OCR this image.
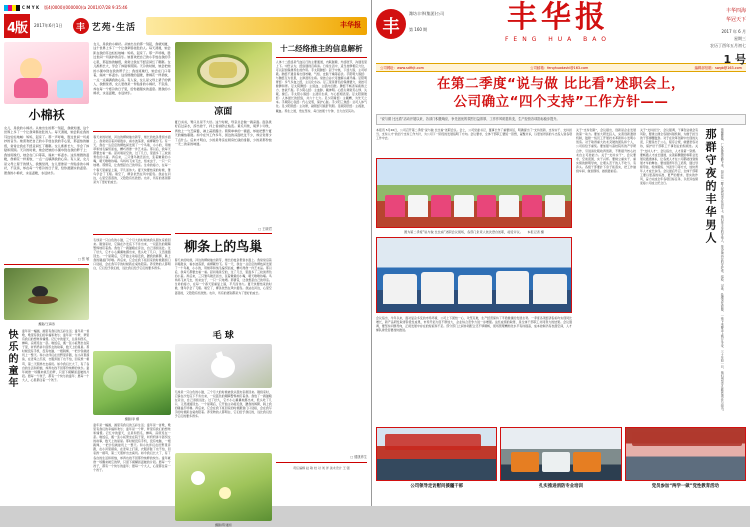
C M Y K 版4(0000)(000000)(a 2001/07/28 9:35:46
4版	2017年6月1日	丰 艺苑·生活	丰华报
小棉袄
女儿，是我的小棉袄。从她出生的那一刻起，我就知道，这个世界上多了一个让我牵肠挂肚的人。每天清晨，她会趴在我的耳边轻轻地喊：妈妈，起床了。那一声呼唤，胜过世间一切美妙的音乐。她喜欢把自己的小手放在我的手心里，那温热的触感，常常让我在不经意间红了眼眶。女儿渐渐长大，学会了体贴和照顾。天冷的时候，她会把她的小围巾绕在我的脖子上；我加班晚归，她会在门口等着，端来一杯温水。这些细微的温暖，像棉花一样柔软，一点一点填满我的心房。有人说，女儿是父母上辈子的情人，我倒觉得，女儿更像是一件贴身的小棉袄，不张扬，却在每一个寒冷的日子里，给你最踏实的温度。愿我的小棉袄，永远温暖，永远快乐。
□ 张 敏
摄影/王海涛
快乐的童年	童年是一幅画，画里有我们的五彩生活；童年是一首歌，歌里有我们的幸福和欢乐；童年是一个梦，梦里有我们的想象和憧憬。记忆中的夏天，总是和西瓜、蝉鸣、凉席连在一起。晚饭后，搬一张小板凳坐在院子里，听奶奶讲牛郎织女的故事，数天上的星星。那时候没有手机，没有电脑，一根跳绳、一把沙包就能玩上一整天。和小伙伴们在田野里奔跑，在小河里摸鱼，在麦垛上打滚，衣服弄脏了也不怕，回家挨一顿骂，第二天照样出去疯玩。如今我们长大了，有了各自的生活和烦恼，却再也找不回那份纯粹的快乐。童年就像一场醒来就忘的梦，只留下模糊而温暖的片段。愿每一个孩子，都有一个快乐的童年；愿每一个大人，心里都住着一个孩子。
女儿，是我的小棉袄。从她出生的那一刻起，我就知道，这个世界上多了一个让我牵肠挂肚的人。每天清晨，她会趴在我的耳边轻轻地喊：妈妈，起床了。那一声呼唤，胜过世间一切美妙的音乐。她喜欢把自己的小手放在我的手心里，那温热的触感，常常让我在不经意间红了眼眶。女儿渐渐长大，学会了体贴和照顾。天冷的时候，她会把她的小围巾绕在我的脖子上；我加班晚归，她会在门口等着，端来一杯温水。这些细微的温暖，像棉花一样柔软，一点一点填满我的心房。有人说，女儿是父母上辈子的情人，我倒觉得，女儿更像是一件贴身的小棉袄，不张扬，却在每一个寒冷的日子里，给你最踏实的温度。愿我的小棉袄，永远温暖，永远快乐。
春天来的时候，河边的柳树抽出新芽，细长的枝条垂到水面上。我常常沿着河堤散步，看水波荡漾，看柳絮纷飞。有一天，我在一丛密密的柳枝间发现了一个鸟巢，小小的，用细草和绒毛编织而成，精巧得像一件艺术品。那以后，我每天都要去看一看。起初巢是空的，过了几日，里面多了三枚淡青色的小蛋。再后来，三只雏鸟破壳而出，张着嫩黄的小嘴，朝天嗷嗷待哺。鸟妈妈飞来飞去，衔来虫子，一只一只地喂。那情景，让我想起自己的母亲。生命的接力，在每一个春天里重复上演，平凡而伟大。夏天快要结束的时候，雏鸟学会了飞翔。巢空了，柳条依然在风中摇曳。我站在河边，心里空落落的，又隐隐有些欣慰。也许，所有的离别都是为了更好的成长。
毛球是一只白色的小猫，三个月大的时候被我从朋友家抱回来。刚到家时，它躲在沙发底下不肯出来，一双蓝色的眼睛警惕地盯着我。我放了一碗猫粮在旁边，自己退到远处。过了好久，它才小心翼翼地挪出来，低头吃了几口，又迅速缩回去。一个星期后，它开始主动接近我，蹭我的裤腿，跳上我的膝盖打呼噜。再后来，它会在我下班回家的时候跑到门口迎接，会在我写字的时候趴在桌角陪着。养宠物的人都明白，它们给予我们的，远比我们给予它们的要多得多。
摄影/李 娜
童年是一幅画，画里有我们的五彩生活；童年是一首歌，歌里有我们的幸福和欢乐；童年是一个梦，梦里有我们的想象和憧憬。记忆中的夏天，总是和西瓜、蝉鸣、凉席连在一起。晚饭后，搬一张小板凳坐在院子里，听奶奶讲牛郎织女的故事，数天上的星星。那时候没有手机，没有电脑，一根跳绳、一把沙包就能玩上一整天。和小伙伴们在田野里奔跑，在小河里摸鱼，在麦垛上打滚，衣服弄脏了也不怕，回家挨一顿骂，第二天照样出去疯玩。如今我们长大了，有了各自的生活和烦恼，却再也找不回那份纯粹的快乐。童年就像一场醒来就忘的梦，只留下模糊而温暖的片段。愿每一个孩子，都有一个快乐的童年；愿每一个大人，心里都住着一个孩子。
凉面
夏日炎炎，胃口总是不大好。这个时候，母亲总会做一碗凉面。面条煮好后过凉水，捞出控干，拌上香油防止粘连。黄瓜切丝，胡萝卜切丝，再放上一勺芝麻酱，淋上蒜泥醋汁。简简单单的一碗面，却能把整个夏天的燥热驱散。如今在外工作多年，街边的凉面吃过不少，却总觉得少了点什么。后来才明白，少的是母亲在厨房忙碌的身影，少的是那份独一无二的家的味道。
□ 王晓君
柳条上的鸟巢
春天来的时候，河边的柳树抽出新芽，细长的枝条垂到水面上。我常常沿着河堤散步，看水波荡漾，看柳絮纷飞。有一天，我在一丛密密的柳枝间发现了一个鸟巢，小小的，用细草和绒毛编织而成，精巧得像一件艺术品。那以后，我每天都要去看一看。起初巢是空的，过了几日，里面多了三枚淡青色的小蛋。再后来，三只雏鸟破壳而出，张着嫩黄的小嘴，朝天嗷嗷待哺。鸟妈妈飞来飞去，衔来虫子，一只一只地喂。那情景，让我想起自己的母亲。生命的接力，在每一个春天里重复上演，平凡而伟大。夏天快要结束的时候，雏鸟学会了飞翔。巢空了，柳条依然在风中摇曳。我站在河边，心里空落落的，又隐隐有些欣慰。也许，所有的离别都是为了更好的成长。
毛 球
毛球是一只白色的小猫，三个月大的时候被我从朋友家抱回来。刚到家时，它躲在沙发底下不肯出来，一双蓝色的眼睛警惕地盯着我。我放了一碗猫粮在旁边，自己退到远处。过了好久，它才小心翼翼地挪出来，低头吃了几口，又迅速缩回去。一个星期后，它开始主动接近我，蹭我的裤腿，跳上我的膝盖打呼噜。再后来，它会在我下班回家的时候跑到门口迎接，会在我写字的时候趴在桌角陪着。养宠物的人都明白，它们给予我们的，远比我们给予它们的要多得多。
摄影/陈建国
十二经络推主的信息解析
人体十二经络是气血运行的主要通道，内联脏腑，外络肢节，沟通表里上下。中医认为，经络通则百病消。日常生活中，适当按摩相应穴位，可以起到保健养生的作用。手太阴肺经：起于中焦，下络大肠，主司呼吸。肺经不通者易出现咳嗽、气短、皮肤干燥等症状。手阳明大肠经：与肺经互为表里，主津液所生病。常按合谷穴可缓解头痛牙痛。足阳明胃经：多气多血之经，主运化水谷。足三里是著名的保健要穴，常按可健脾和胃。足太阴脾经：主统血、主肌肉四肢。脾经不畅者易疲倦乏力、食欲不振。手少阴心经：主血脉、藏神明。心经失调常见心悸、失眠、健忘。手太阳小肠经：主液所生病，与心经相表里。足太阳膀胱经：人体最长的经络，共六十七穴。足少阴肾经：主藏精，为先天之本。手厥阴心包经：代心受邪，保护心脏。手少阳三焦经：总司人体气化。足少阳胆经：主决断，敲胆经可疏肝利胆。足厥阴肝经：主疏泄，藏血。养生之道，贵在坚持，每日按揉十分钟，日久自见其功。
□ 健康养生
责任编辑 赵 敏 校 对 刘 洋 美术设计 王 强
丰
潍坊丰华(集团)公司
第 160 期	丰华报
FENG HUA BAO
丰华四海
华冠天下
2017 年 6 月
星期三
农历丁酉年五月初七
1 号
公司网址：www.sdfhjt.com	公司邮箱：fenghuadashi@163.com	编辑部信箱：swgb@163.com
在第二季度“说与做 比比看”述职会上，
公司确立“四个支持”工作方针——
“说与做 比比看”活动开展以来，各部门积极响应，争先创优的氛围日益浓厚，工作作风明显转变，生产经营各项指标稳步提升。
本报讯 5月26日，公司召开第二季度“说与做 比比看”述职会议。会上，公司党委书记、董事长作了重要讲话，明确提出了“支持创新、支持实干、支持担当、支持人才”的四个支持工作方针，为公司下一阶段的发展指明了方向。会议要求，全体干部职工要统一思想，凝聚共识，以更加昂扬的斗志投入到各项工作中去。
图为第二季度“说与做 比比看”述职会议现场，各部门负责人依次登台述职，接受评议。　　本报记者 摄
会议指出，今年以来，面对复杂多变的市场环境，公司上下团结一心、攻坚克难，生产经营保持了平稳健康的发展态势。一季度各项经济指标均实现同比增长，新产品研发取得阶段性成果，市场开拓力度不断加大，企业综合竞争力进一步增强。这些成绩的取得，是全体干部职工共同努力的结果。会议强调，要坚持问题导向，正视发展中存在的短板和不足。部分部门之间协同配合还不够顺畅，现场管理精细化水平有待提高，成本控制仍有挖潜空间，人才梯队建设需要加快推进。
关于“支持创新”，会议提出，创新是企业发展的第一动力。要加大研发投入，完善创新激励机制，鼓励一线员工开展技术革新和小发明小创造。对于取得重大技术突破的团队和个人，公司将给予重奖。要加强与高校院所的产学研合作，引进消化吸收再创新，不断提升核心技术自主可控能力。关于“支持实干”，会议要求，空谈误国，实干兴邦。要树立重实干、重实绩的鲜明导向，让埋头苦干的人不吃亏、有奔头。各级干部要扑下身子抓落实，把工作做到车间、做到现场、做到最前沿。
关于“支持担当”，会议强调，干事创业就会有风险，要建立健全容错纠错机制，为敢于担当的干部撑腰鼓劲。对于在改革创新中出现的失误，只要是出于公心、程序合规，就要宽容对待，保护好干部职工干事创业的积极性。关于“支持人才”，会议指出，人才是第一资源。要畅通人才成长通道，完善薪酬激励和职业发展双通道体系，让各类人才在公司都能找到施展才华的舞台。要加强青年员工培养，通过导师带徒、轮岗锻炼、外派学习等方式，加快青年人才成长步伐。会议最后号召，全体干部职工要以更高的标准、更严的要求、更实的作风，奋力完成全年各项目标任务，以优异成绩迎接公司成立纪念日。	那群守夜的丰华男人	夜幕降临，厂区渐渐安静下来，但总有一群人依然坚守在岗位上。他们是丰华的守夜人，是设备运行的守护者。巡检、记录、处理突发故障，一夜下来要走上两万多步。三十年如一日，他们用坚守诠释着责任与担当。
公司领导走访慰问援疆干部	扎实推进消防专业培训	党员参加“两学一做”党性教育活动
